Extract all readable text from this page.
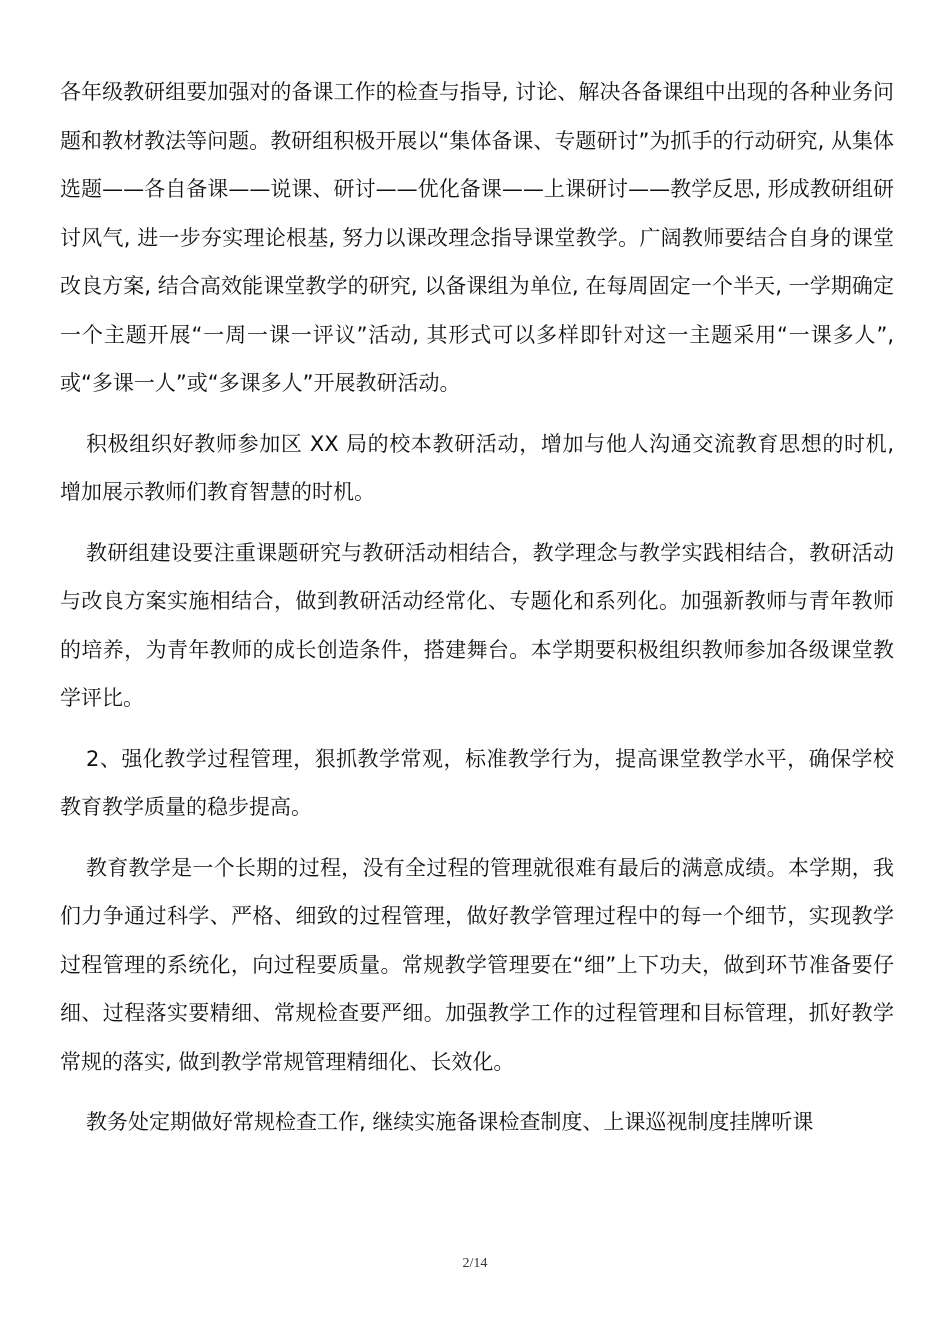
各年级教研组要加强对的备课工作的检查与指导, 讨论、解决各备课组中出现的各种业务问题和教材教法等问题。教研组积极开展以“集体备课、专题研讨”为抓手的行动研究, 从集体选题——各自备课——说课、研讨——优化备课——上课研讨——教学反思, 形成教研组研讨风气, 进一步夯实理论根基, 努力以课改理念指导课堂教学。广阔教师要结合自身的课堂改良方案, 结合高效能课堂教学的研究, 以备课组为单位, 在每周固定一个半天, 一学期确定一个主题开展“一周一课一评议”活动, 其形式可以多样即针对这一主题采用“一课多人”, 或“多课一人”或“多课多人”开展教研活动。

积极组织好教师参加区 XX 局的校本教研活动，增加与他人沟通交流教育思想的时机, 增加展示教师们教育智慧的时机。

教研组建设要注重课题研究与教研活动相结合，教学理念与教学实践相结合，教研活动与改良方案实施相结合，做到教研活动经常化、专题化和系列化。加强新教师与青年教师的培养，为青年教师的成长创造条件，搭建舞台。本学期要积极组织教师参加各级课堂教学评比。

2、强化教学过程管理，狠抓教学常观，标准教学行为，提高课堂教学水平，确保学校教育教学质量的稳步提高。

教育教学是一个长期的过程，没有全过程的管理就很难有最后的满意成绩。本学期，我们力争通过科学、严格、细致的过程管理，做好教学管理过程中的每一个细节，实现教学过程管理的系统化，向过程要质量。常规教学管理要在“细”上下功夫，做到环节准备要仔细、过程落实要精细、常规检查要严细。加强教学工作的过程管理和目标管理，抓好教学常规的落实, 做到教学常规管理精细化、长效化。

教务处定期做好常规检查工作, 继续实施备课检查制度、上课巡视制度挂牌听课

2/14
